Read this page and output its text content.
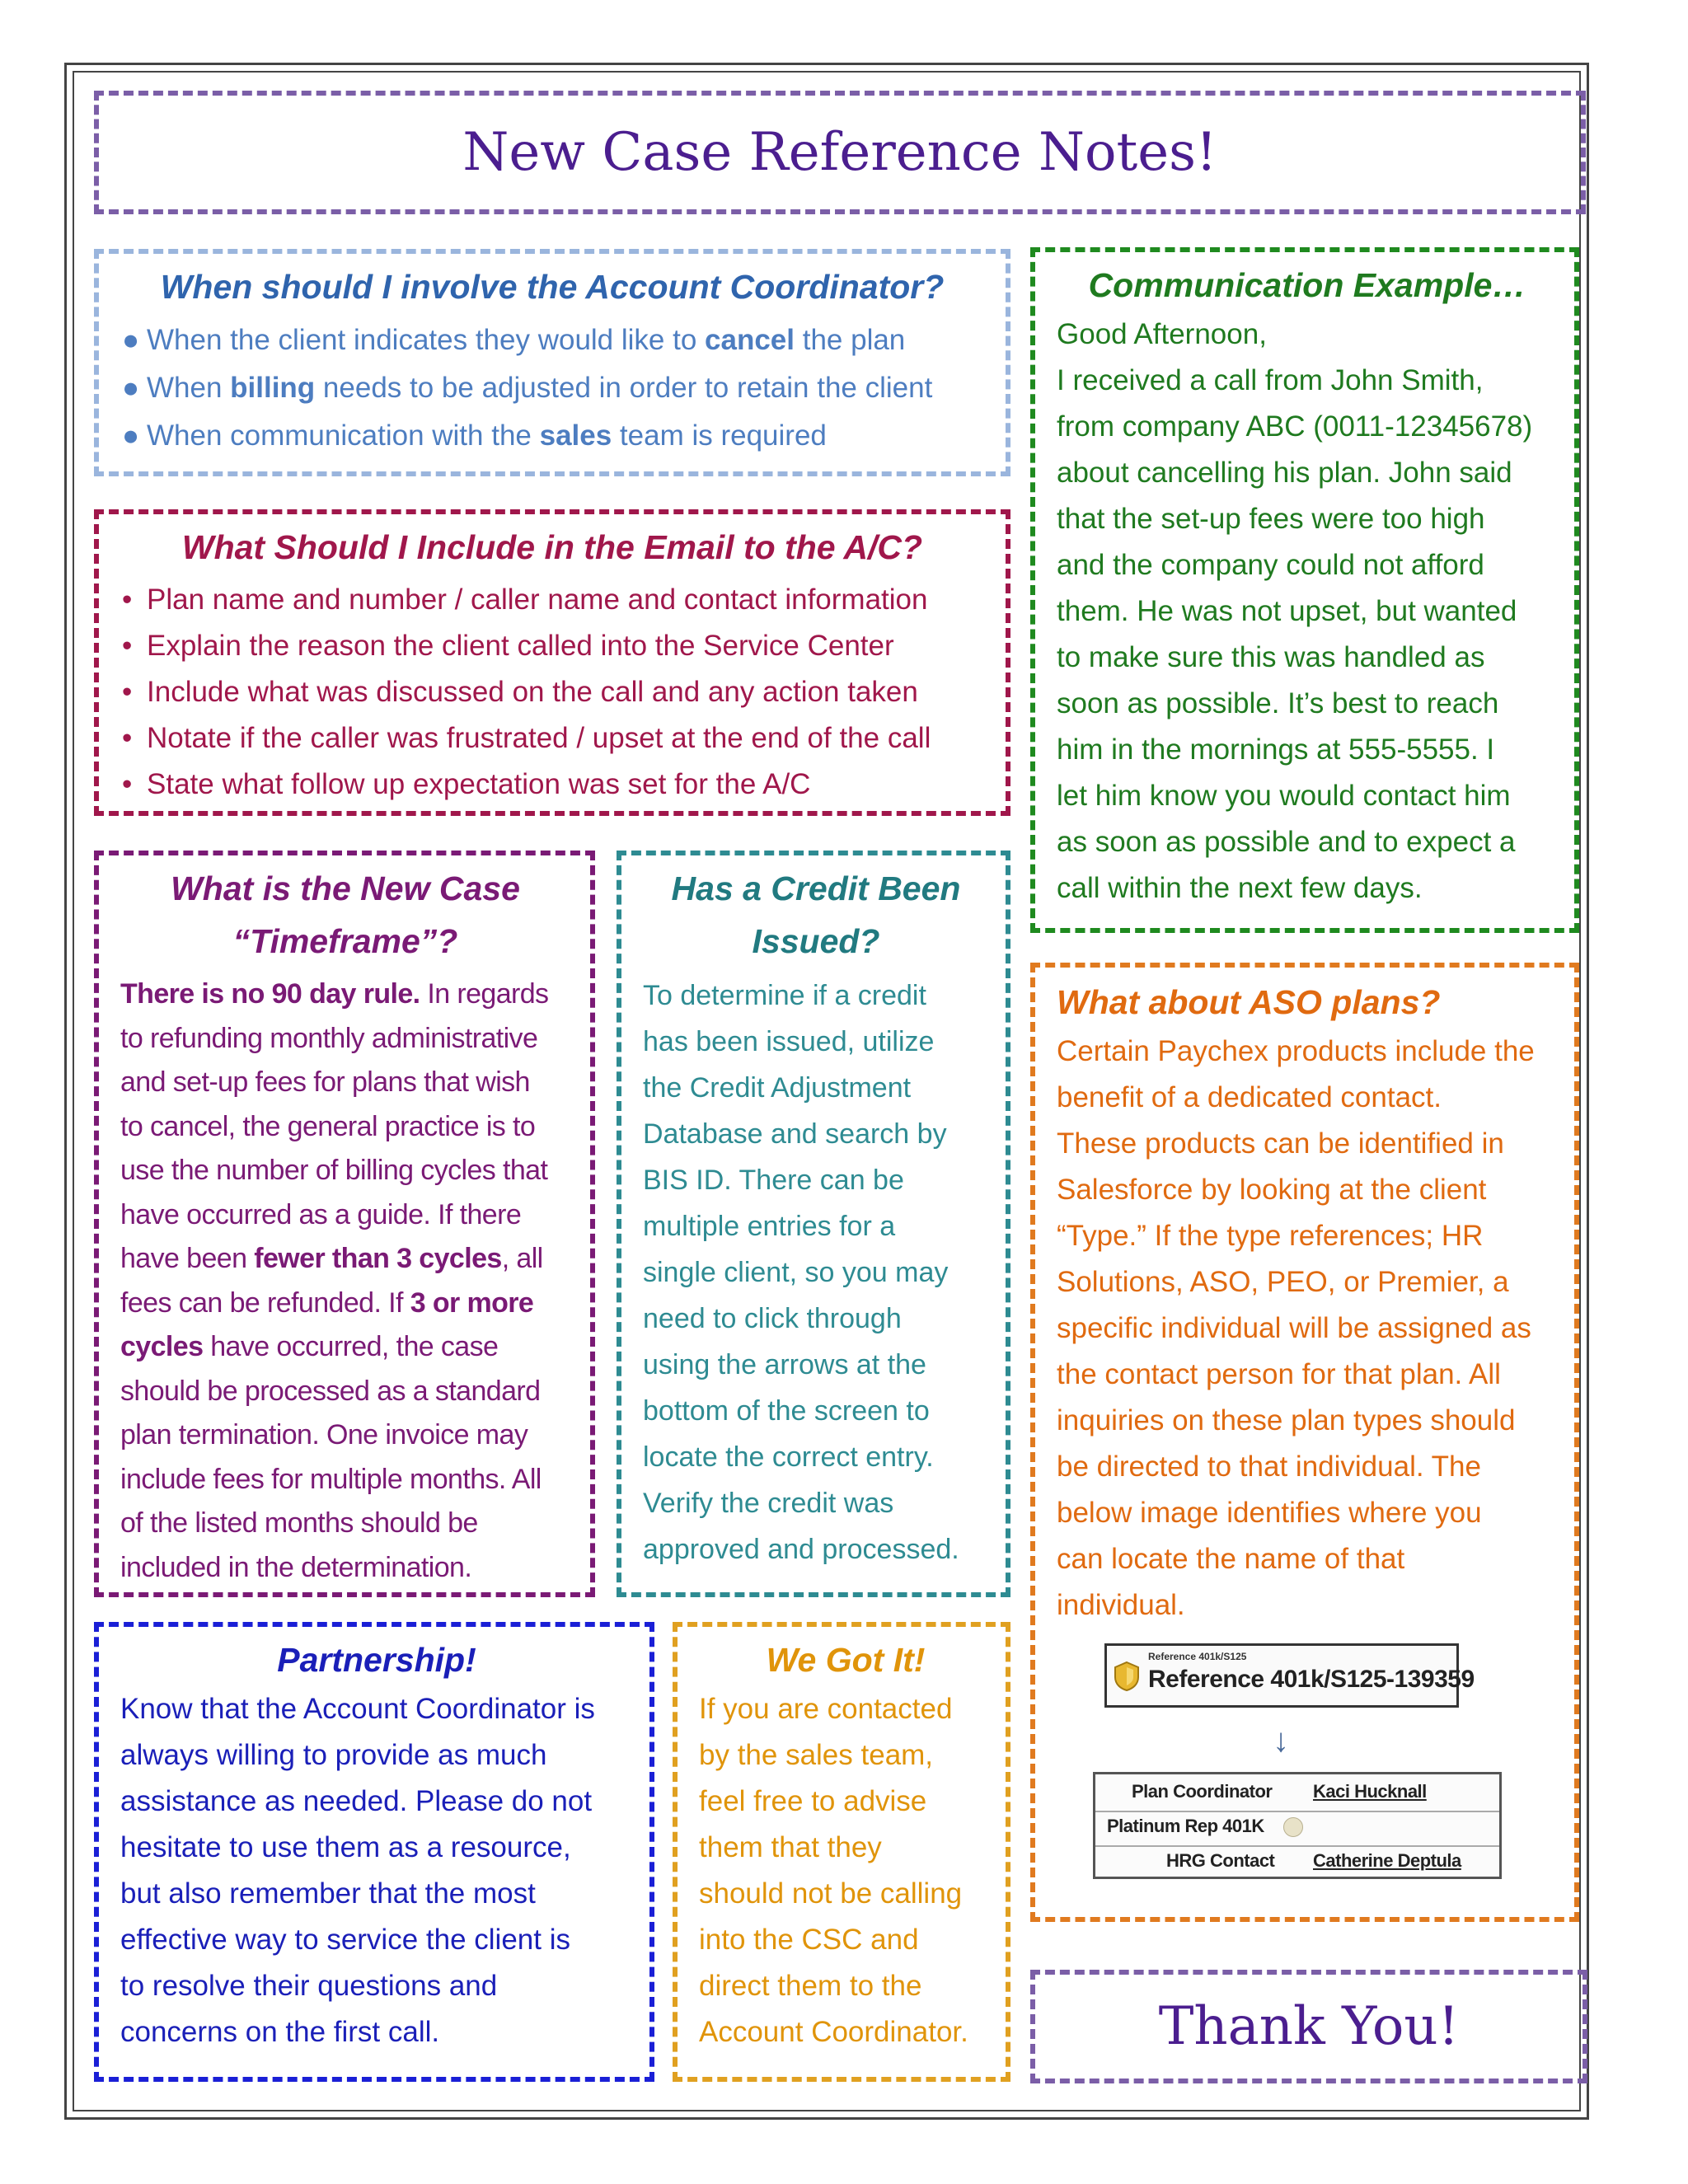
New Case Reference Notes!
When should I involve the Account Coordinator?
● When the client indicates they would like to cancel the plan
● When billing needs to be adjusted in order to retain the client
● When communication with the sales team is required
What Should I Include in the Email to the A/C?
• Plan name and number / caller name and contact information
• Explain the reason the client called into the Service Center
• Include what was discussed on the call and any action taken
• Notate if the caller was frustrated / upset at the end of the call
• State what follow up expectation was set for the A/C
What is the New Case
“Timeframe”?

There is no 90 day rule. In regards

to refunding monthly administrative

and set-up fees for plans that wish

to cancel, the general practice is to

use the number of billing cycles that

have occurred as a guide. If there

have been fewer than 3 cycles, all

fees can be refunded. If 3 or more

cycles have occurred, the case

should be processed as a standard

plan termination. One invoice may

include fees for multiple months. All

of the listed months should be

included in the determination.

Has a Credit Been
Issued?

To determine if a credit

has been issued, utilize

the Credit Adjustment

Database and search by

BIS ID. There can be

multiple entries for a

single client, so you may

need to click through

using the arrows at the

bottom of the screen to

locate the correct entry.

Verify the credit was

approved and processed.

Communication Example…

Good Afternoon,

I received a call from John Smith,

from company ABC (0011-12345678)

about cancelling his plan. John said

that the set-up fees were too high

and the company could not afford

them. He was not upset, but wanted

to make sure this was handled as

soon as possible. It’s best to reach

him in the mornings at 555-5555. I

let him know you would contact him

as soon as possible and to expect a

call within the next few days.

What about ASO plans?

Certain Paychex products include the

benefit of a dedicated contact.

These products can be identified in

Salesforce by looking at the client

“Type.” If the type references; HR

Solutions, ASO, PEO, or Premier, a

specific individual will be assigned as

the contact person for that plan. All

inquiries on these plan types should

be directed to that individual. The

below image identifies where you

can locate the name of that

individual.

Reference 401k/S125
Reference 401k/S125-139359
↓
Plan Coordinator Kaci Hucknall
Platinum Rep 401K
HRG Contact Catherine Deptula
Partnership!

Know that the Account Coordinator is

always willing to provide as much

assistance as needed. Please do not

hesitate to use them as a resource,

but also remember that the most

effective way to service the client is

to resolve their questions and

concerns on the first call.

We Got It!

If you are contacted

by the sales team,

feel free to advise

them that they

should not be calling

into the CSC and

direct them to the

Account Coordinator.	Thank You!
